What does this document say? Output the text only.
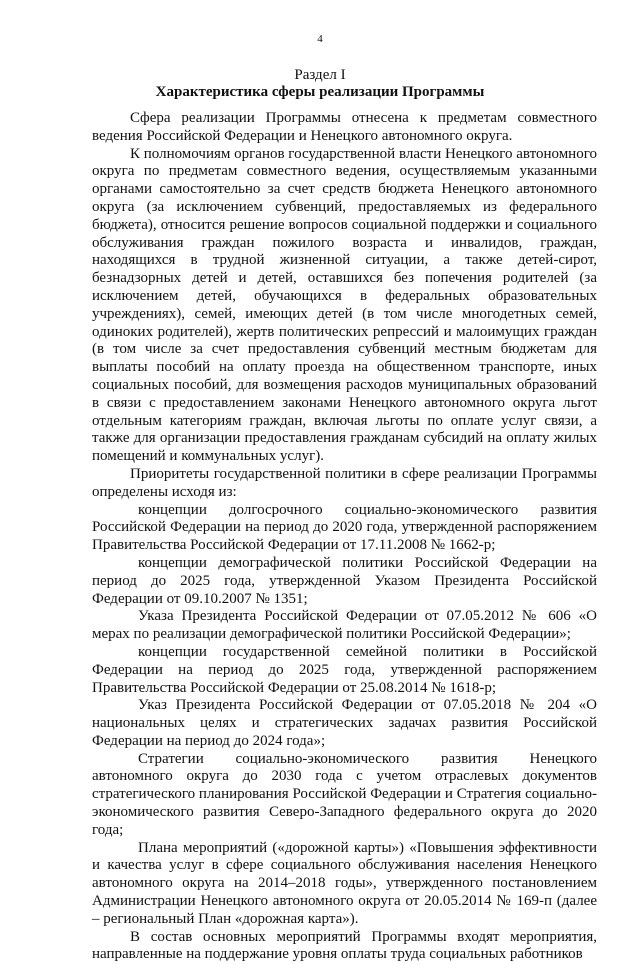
4
Раздел I
Характеристика сферы реализации Программы

Сфера реализации Программы отнесена к предметам совместного ведения Российской Федерации и Ненецкого автономного округа.

К полномочиям органов государственной власти Ненецкого автономного округа по предметам совместного ведения, осуществляемым указанными органами самостоятельно за счет средств бюджета Ненецкого автономного округа (за исключением субвенций, предоставляемых из федерального бюджета), относится решение вопросов социальной поддержки и социального обслуживания граждан пожилого возраста и инвалидов, граждан, находящихся в трудной жизненной ситуации, а также детей-сирот, безнадзорных детей и детей, оставшихся без попечения родителей (за исключением детей, обучающихся в федеральных образовательных учреждениях), семей, имеющих детей (в том числе многодетных семей, одиноких родителей), жертв политических репрессий и малоимущих граждан (в том числе за счет предоставления субвенций местным бюджетам для выплаты пособий на оплату проезда на общественном транспорте, иных социальных пособий, для возмещения расходов муниципальных образований в связи с предоставлением законами Ненецкого автономного округа льгот отдельным категориям граждан, включая льготы по оплате услуг связи, а также для организации предоставления гражданам субсидий на оплату жилых помещений и коммунальных услуг).

Приоритеты государственной политики в сфере реализации Программы определены исходя из:

концепции долгосрочного социально-экономического развития Российской Федерации на период до 2020 года, утвержденной распоряжением Правительства Российской Федерации от 17.11.2008 № 1662-р;

концепции демографической политики Российской Федерации на период до 2025 года, утвержденной Указом Президента Российской Федерации от 09.10.2007 № 1351;

Указа Президента Российской Федерации от 07.05.2012 № 606 «О мерах по реализации демографической политики Российской Федерации»;

концепции государственной семейной политики в Российской Федерации на период до 2025 года, утвержденной распоряжением Правительства Российской Федерации от 25.08.2014 № 1618-р;

Указ Президента Российской Федерации от 07.05.2018 № 204 «О национальных целях и стратегических задачах развития Российской Федерации на период до 2024 года»;

Стратегии социально-экономического развития Ненецкого автономного округа до 2030 года с учетом отраслевых документов стратегического планирования Российской Федерации и Стратегия социально-экономического развития Северо-Западного федерального округа до 2020 года;

Плана мероприятий («дорожной карты») «Повышения эффективности и качества услуг в сфере социального обслуживания населения Ненецкого автономного округа на 2014–2018 годы», утвержденного постановлением Администрации Ненецкого автономного округа от 20.05.2014 № 169-п (далее – региональный План «дорожная карта»).

В состав основных мероприятий Программы входят мероприятия, направленные на поддержание уровня оплаты труда социальных работников
